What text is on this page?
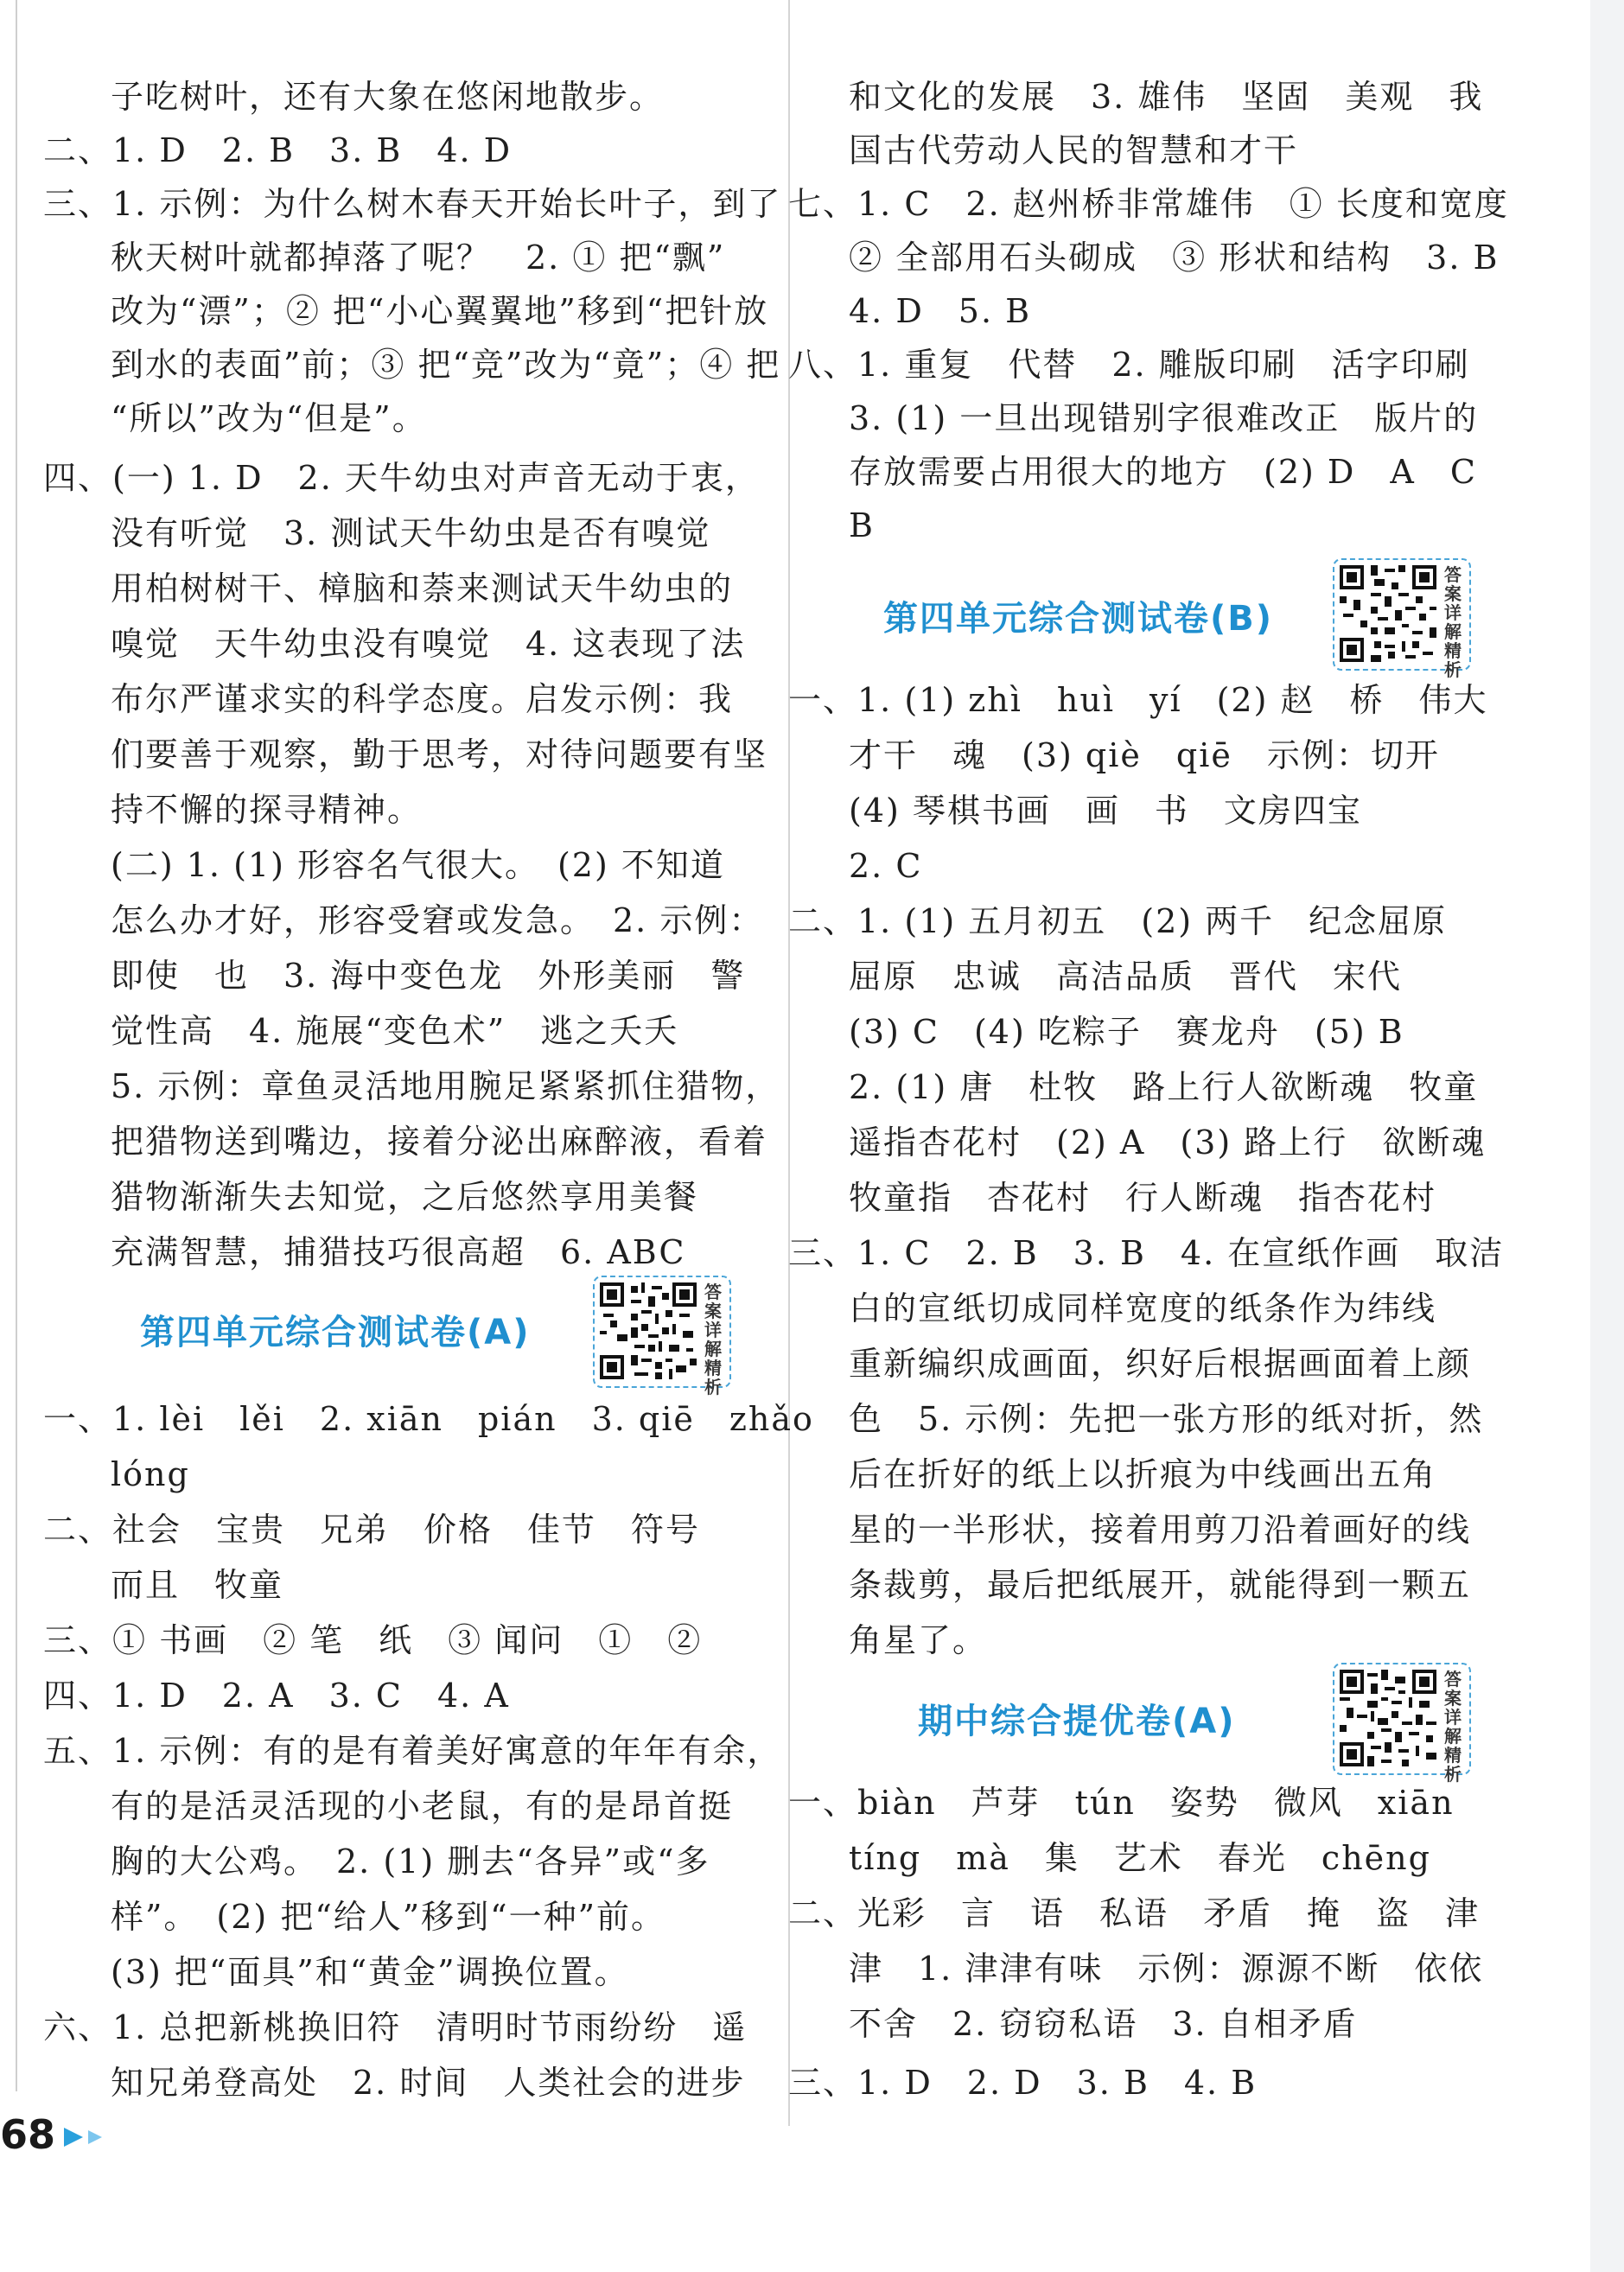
子吃树叶，还有大象在悠闲地散步。
二、1. D　2. B　3. B　4. D
三、1. 示例：为什么树木春天开始长叶子，到了
秋天树叶就都掉落了呢？　2. ① 把“飘”
改为“漂”；② 把“小心翼翼地”移到“把针放
到水的表面”前；③ 把“竞”改为“竟”；④ 把
“所以”改为“但是”。
四、(一) 1. D　2. 天牛幼虫对声音无动于衷，
没有听觉　3. 测试天牛幼虫是否有嗅觉
用柏树树干、樟脑和萘来测试天牛幼虫的
嗅觉　天牛幼虫没有嗅觉　4. 这表现了法
布尔严谨求实的科学态度。启发示例：我
们要善于观察，勤于思考，对待问题要有坚
持不懈的探寻精神。
(二) 1. (1) 形容名气很大。　(2) 不知道
怎么办才好，形容受窘或发急。　2. 示例：
即使　也　3. 海中变色龙　外形美丽　警
觉性高　4. 施展“变色术”　逃之夭夭
5. 示例：章鱼灵活地用腕足紧紧抓住猎物，
把猎物送到嘴边，接着分泌出麻醉液，看着
猎物渐渐失去知觉，之后悠然享用美餐
充满智慧，捕猎技巧很高超　6. ABC
第四单元综合测试卷(A)
答案详解精析
一、1. lèi　lěi　2. xiān　pián　3. qiē　zhǎo
lóng
二、社会　宝贵　兄弟　价格　佳节　符号
而且　牧童
三、① 书画　② 笔　纸　③ 闻问　①　②
四、1. D　2. A　3. C　4. A
五、1. 示例：有的是有着美好寓意的年年有余，
有的是活灵活现的小老鼠，有的是昂首挺
胸的大公鸡。　2. (1) 删去“各异”或“多
样”。　(2) 把“给人”移到“一种”前。
(3) 把“面具”和“黄金”调换位置。
六、1. 总把新桃换旧符　清明时节雨纷纷　遥
知兄弟登高处　2. 时间　人类社会的进步
和文化的发展　3. 雄伟　坚固　美观　我
国古代劳动人民的智慧和才干
七、1. C　2. 赵州桥非常雄伟　① 长度和宽度
② 全部用石头砌成　③ 形状和结构　3. B
4. D　5. B
八、1. 重复　代替　2. 雕版印刷　活字印刷
3. (1) 一旦出现错别字很难改正　版片的
存放需要占用很大的地方　(2) D　A　C
B
第四单元综合测试卷(B)
答案详解精析
一、1. (1) zhì　huì　yí　(2) 赵　桥　伟大
才干　魂　(3) qiè　qiē　示例：切开
(4) 琴棋书画　画　书　文房四宝
2. C
二、1. (1) 五月初五　(2) 两千　纪念屈原
屈原　忠诚　高洁品质　晋代　宋代
(3) C　(4) 吃粽子　赛龙舟　(5) B
2. (1) 唐　杜牧　路上行人欲断魂　牧童
遥指杏花村　(2) A　(3) 路上行　欲断魂
牧童指　杏花村　行人断魂　指杏花村
三、1. C　2. B　3. B　4. 在宣纸作画　取洁
白的宣纸切成同样宽度的纸条作为纬线
重新编织成画面，织好后根据画面着上颜
色　5. 示例：先把一张方形的纸对折，然
后在折好的纸上以折痕为中线画出五角
星的一半形状，接着用剪刀沿着画好的线
条裁剪，最后把纸展开，就能得到一颗五
角星了。
期中综合提优卷(A)
答案详解精析
一、biàn　芦芽　tún　姿势　微风　xiān
tíng　mà　集　艺术　春光　chēng
二、光彩　言　语　私语　矛盾　掩　盗　津
津　1. 津津有味　示例：源源不断　依依
不舍　2. 窃窃私语　3. 自相矛盾
三、1. D　2. D　3. B　4. B
68
